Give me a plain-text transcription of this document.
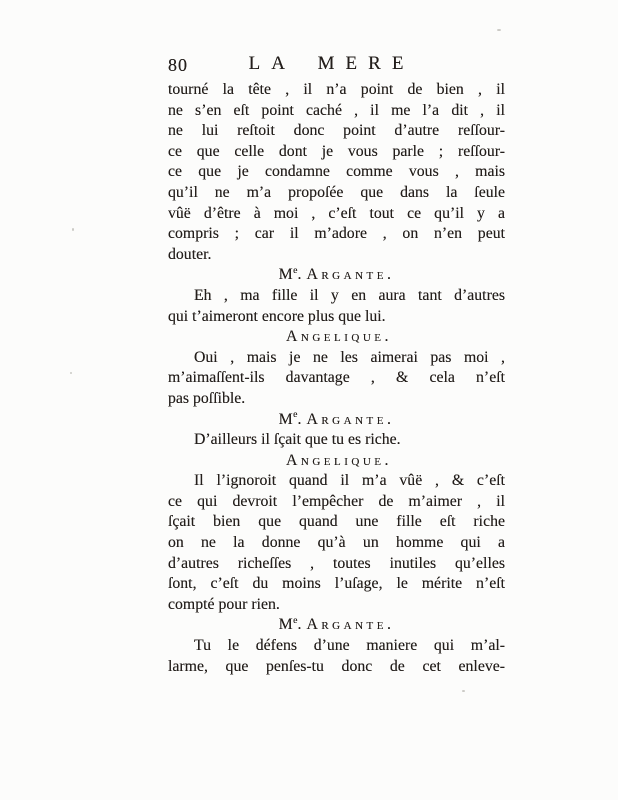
80	LA MERE
tourné la tête , il n’a point de bien , il
ne s’en eſt point caché , il me l’a dit , il
ne lui reſtoit donc point d’autre reſſour-
ce que celle dont je vous parle ; reſſour-
ce que je condamne comme vous , mais
qu’il ne m’a propoſée que dans la ſeule
vûë d’être à moi , c’eſt tout ce qu’il y a
compris ; car il m’adore , on n’en peut
douter.
Me. Argante.
Eh , ma fille il y en aura tant d’autres
qui t’aimeront encore plus que lui.
Angelique.
Oui , mais je ne les aimerai pas moi ,
m’aimaſſent-ils davantage , & cela n’eſt
pas poſſible.
Me. Argante.
D’ailleurs il ſçait que tu es riche.
Angelique.
Il l’ignoroit quand il m’a vûë , & c’eſt
ce qui devroit l’empêcher de m’aimer , il
ſçait bien que quand une fille eſt riche
on ne la donne qu’à un homme qui a
d’autres richeſſes , toutes inutiles qu’elles
ſont, c’eſt du moins l’uſage, le mérite n’eſt
compté pour rien.
Me. Argante.
Tu le défens d’une maniere qui m’al-
larme, que penſes-tu donc de cet enleve-
